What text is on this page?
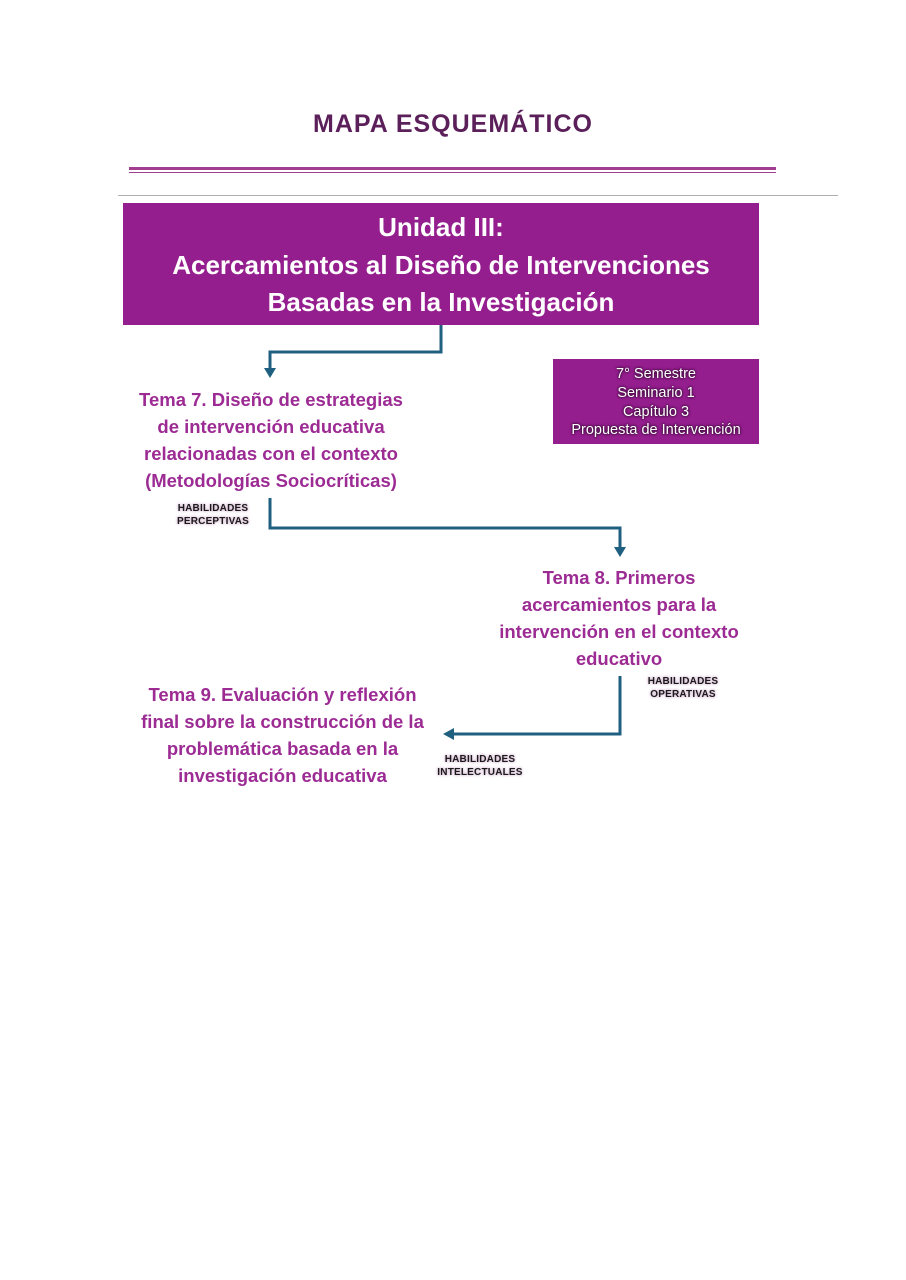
MAPA ESQUEMÁTICO
Unidad III:
Acercamientos al Diseño de Intervenciones
Basadas en la Investigación
7° Semestre
Seminario 1
Capítulo 3
Propuesta de Intervención
Tema 7. Diseño de estrategias
de intervención educativa
relacionadas con el contexto
(Metodologías Sociocríticas)
HABILIDADES
PERCEPTIVAS
Tema 8. Primeros
acercamientos para la
intervención en el contexto
educativo
HABILIDADES
OPERATIVAS
Tema 9. Evaluación y reflexión
final sobre la construcción de la
problemática basada en la
investigación educativa
HABILIDADES
INTELECTUALES
